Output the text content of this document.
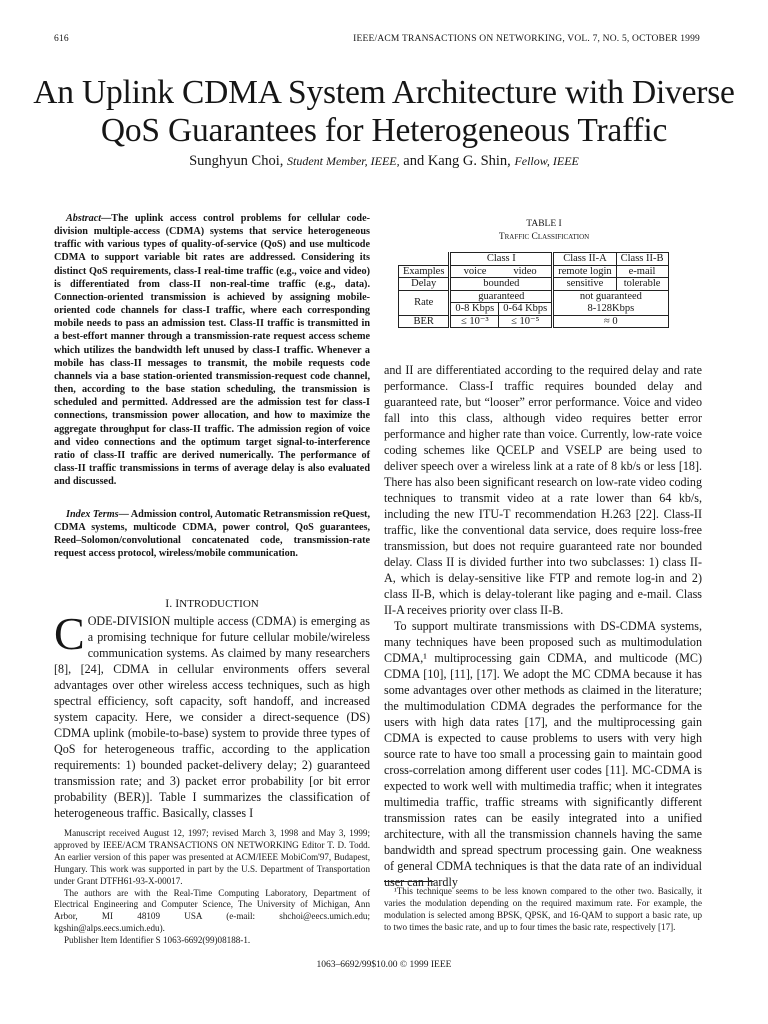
616	IEEE/ACM TRANSACTIONS ON NETWORKING, VOL. 7, NO. 5, OCTOBER 1999
An Uplink CDMA System Architecture with Diverse
QoS Guarantees for Heterogeneous Traffic
Sunghyun Choi, Student Member, IEEE, and Kang G. Shin, Fellow, IEEE
Abstract—The uplink access control problems for cellular code-division multiple-access (CDMA) systems that service heterogeneous traffic with various types of quality-of-service (QoS) and use multicode CDMA to support variable bit rates are addressed. Considering its distinct QoS requirements, class-I real-time traffic (e.g., voice and video) is differentiated from class-II non-real-time traffic (e.g., data). Connection-oriented transmission is achieved by assigning mobile-oriented code channels for class-I traffic, where each corresponding mobile needs to pass an admission test. Class-II traffic is transmitted in a best-effort manner through a transmission-rate request access scheme which utilizes the bandwidth left unused by class-I traffic. Whenever a mobile has class-II messages to transmit, the mobile requests code channels via a base station-oriented transmission-request code channel, then, according to the base station scheduling, the transmission is scheduled and permitted. Addressed are the admission test for class-I connections, transmission power allocation, and how to maximize the aggregate throughput for class-II traffic. The admission region of voice and video connections and the optimum target signal-to-interference ratio of class-II traffic are derived numerically. The performance of class-II traffic transmissions in terms of average delay is also evaluated and discussed.
Index Terms— Admission control, Automatic Retransmission reQuest, CDMA systems, multicode CDMA, power control, QoS guarantees, Reed–Solomon/convolutional concatenated code, transmission-rate request access protocol, wireless/mobile communication.
I. INTRODUCTION
CODE-DIVISION multiple access (CDMA) is emerging as a promising technique for future cellular mobile/wireless communication systems. As claimed by many researchers [8], [24], CDMA in cellular environments offers several advantages over other wireless access techniques, such as high spectral efficiency, soft capacity, soft handoff, and increased system capacity. Here, we consider a direct-sequence (DS) CDMA uplink (mobile-to-base) system to provide three types of QoS for heterogeneous traffic, according to the application requirements: 1) bounded packet-delivery delay; 2) guaranteed transmission rate; and 3) packet error probability [or bit error probability (BER)]. Table I summarizes the classification of heterogeneous traffic. Basically, classes I

Manuscript received August 12, 1997; revised March 3, 1998 and May 3, 1999; approved by IEEE/ACM TRANSACTIONS ON NETWORKING Editor T. D. Todd. An earlier version of this paper was presented at ACM/IEEE MobiCom'97, Budapest, Hungary. This work was supported in part by the U.S. Department of Transportation under Grant DTFH61-93-X-00017.

The authors are with the Real-Time Computing Laboratory, Department of Electrical Engineering and Computer Science, The University of Michigan, Ann Arbor, MI 48109 USA (e-mail: shchoi@eecs.umich.edu; kgshin@alps.eecs.umich.edu).

Publisher Item Identifier S 1063-6692(99)08188-1.

TABLE I
Traffic Classification
	Class I		Class II-A	Class II-B
Examples	voice	video	remote login	e-mail
Delay	bounded		sensitive	tolerable
Rate	guaranteed		not guaranteed	
	0-8 Kbps	0-64 Kbps	8-128Kbps	
BER	≤ 10⁻³	≤ 10⁻⁵	≈ 0	

and II are differentiated according to the required delay and rate performance. Class-I traffic requires bounded delay and guaranteed rate, but “looser” error performance. Voice and video fall into this class, although video requires better error performance and higher rate than voice. Currently, low-rate voice coding schemes like QCELP and VSELP are being used to deliver speech over a wireless link at a rate of 8 kb/s or less [18]. There has also been significant research on low-rate video coding techniques to transmit video at a rate lower than 64 kb/s, including the new ITU-T recommendation H.263 [22]. Class-II traffic, like the conventional data service, does require loss-free transmission, but does not require guaranteed rate nor bounded delay. Class II is divided further into two subclasses: 1) class II-A, which is delay-sensitive like FTP and remote log-in and 2) class II-B, which is delay-tolerant like paging and e-mail. Class II-A receives priority over class II-B.

To support multirate transmissions with DS-CDMA systems, many techniques have been proposed such as multimodulation CDMA,¹ multiprocessing gain CDMA, and multicode (MC) CDMA [10], [11], [17]. We adopt the MC CDMA because it has some advantages over other methods as claimed in the literature; the multimodulation CDMA degrades the performance for the users with high data rates [17], and the multiprocessing gain CDMA is expected to cause problems to users with very high source rate to have too small a processing gain to maintain good cross-correlation among different user codes [11]. MC-CDMA is expected to work well with multimedia traffic; when it integrates multimedia traffic, traffic streams with significantly different transmission rates can be easily integrated into a unified architecture, with all the transmission channels having the same bandwidth and spread spectrum processing gain. One weakness of general CDMA techniques is that the data rate of an individual user can hardly

¹This technique seems to be less known compared to the other two. Basically, it varies the modulation depending on the required maximum rate. For example, the modulation is selected among BPSK, QPSK, and 16-QAM to support a basic rate, up to two times the basic rate, and up to four times the basic rate, respectively [17].
1063–6692/99$10.00 © 1999 IEEE
